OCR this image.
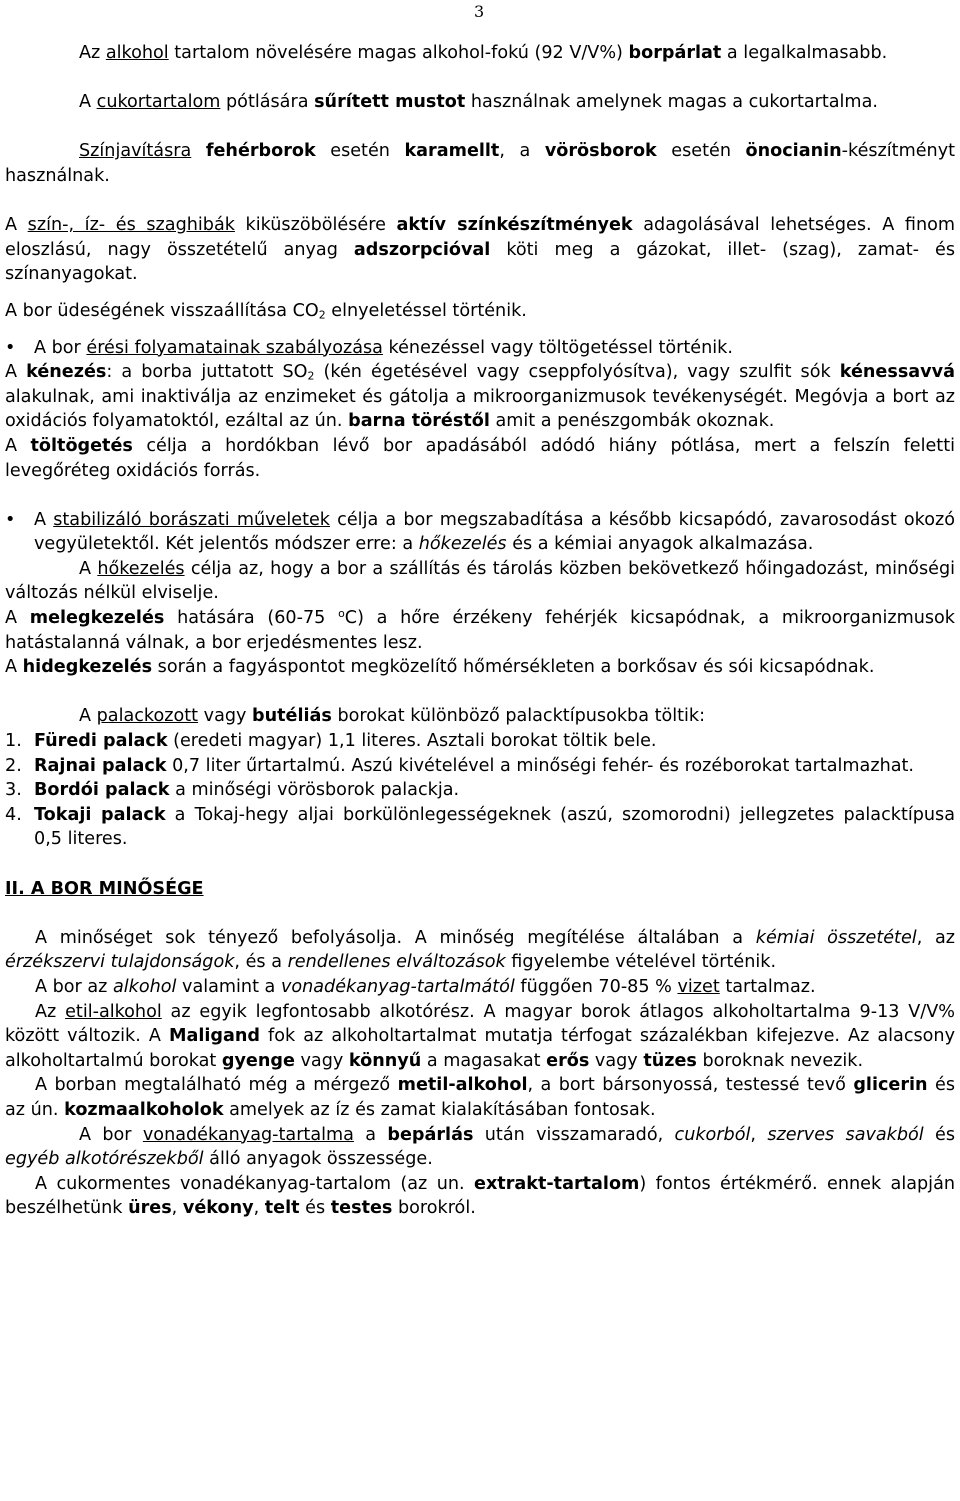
3

Az alkohol tartalom növelésére magas alkohol-fokú (92 V/V%) borpárlat a legalkalmasabb.

A cukortartalom pótlására sűrített mustot használnak amelynek magas a cukortartalma.

Színjavításra fehérborok esetén karamellt, a vörösborok esetén önocianin-készítményt használnak.

A szín-, íz- és szaghibák kiküszöbölésére aktív színkészítmények adagolásával lehetséges. A finom eloszlású, nagy összetételű anyag adszorpcióval köti meg a gázokat, illet- (szag), zamat- és színanyagokat.

A bor üdeségének visszaállítása $CO_2$ elnyeletéssel történik.

• A bor érési folyamatainak szabályozása kénezéssel vagy töltögetéssel történik.

A kénezés: a borba juttatott $SO_2$ (kén égetésével vagy cseppfolyósítva), vagy szulfit sók kénessavvá alakulnak, ami inaktiválja az enzimeket és gátolja a mikroorganizmusok tevékenységét. Megóvja a bort az oxidációs folyamatoktól, ezáltal az ún. barna töréstől amit a penészgombák okoznak.

A töltögetés célja a hordókban lévő bor apadásából adódó hiány pótlása, mert a felszín feletti levegőréteg oxidációs forrás.

• A stabilizáló borászati műveletek célja a bor megszabadítása a később kicsapódó, zavarosodást okozó vegyületektől. Két jelentős módszer erre: a hőkezelés és a kémiai anyagok alkalmazása.

A hőkezelés célja az, hogy a bor a szállítás és tárolás közben bekövetkező hőingadozást, minőségi változás nélkül elviselje.

A melegkezelés hatására (60-75 $^o$C) a hőre érzékeny fehérjék kicsapódnak, a mikroorganizmusok hatástalanná válnak, a bor erjedésmentes lesz.

A hidegkezelés során a fagyáspontot megközelítő hőmérsékleten a borkősav és sói kicsapódnak.

A palackozott vagy butéliás borokat különböző palacktípusokba töltik:

1. Füredi palack (eredeti magyar) 1,1 literes. Asztali borokat töltik bele.

2. Rajnai palack 0,7 liter űrtartalmú. Aszú kivételével a minőségi fehér- és rozéborokat tartalmazhat.

3. Bordói palack a minőségi vörösborok palackja.

4. Tokaji palack a Tokaj-hegy aljai borkülönlegességeknek (aszú, szomorodni) jellegzetes palacktípusa 0,5 literes.

II. A BOR MINŐSÉGE

A minőséget sok tényező befolyásolja. A minőség megítélése általában a kémiai összetétel, az érzékszervi tulajdonságok, és a rendellenes elváltozások figyelembe vételével történik.

A bor az alkohol valamint a vonadékanyag-tartalmától függően 70-85 % vizet tartalmaz.

Az etil-alkohol az egyik legfontosabb alkotórész. A magyar borok átlagos alkoholtartalma 9-13 V/V% között változik. A Maligand fok az alkoholtartalmat mutatja térfogat százalékban kifejezve. Az alacsony alkoholtartalmú borokat gyenge vagy könnyű a magasakat erős vagy tüzes boroknak nevezik.

A borban megtalálható még a mérgező metil-alkohol, a bort bársonyossá, testessé tevő glicerin és az ún. kozmaalkoholok amelyek az íz és zamat kialakításában fontosak.

A bor vonadékanyag-tartalma a bepárlás után visszamaradó, cukorból, szerves savakból és egyéb alkotórészekből álló anyagok összessége.

A cukormentes vonadékanyag-tartalom (az un. extrakt-tartalom) fontos értékmérő. ennek alapján beszélhetünk üres, vékony, telt és testes borokról.
